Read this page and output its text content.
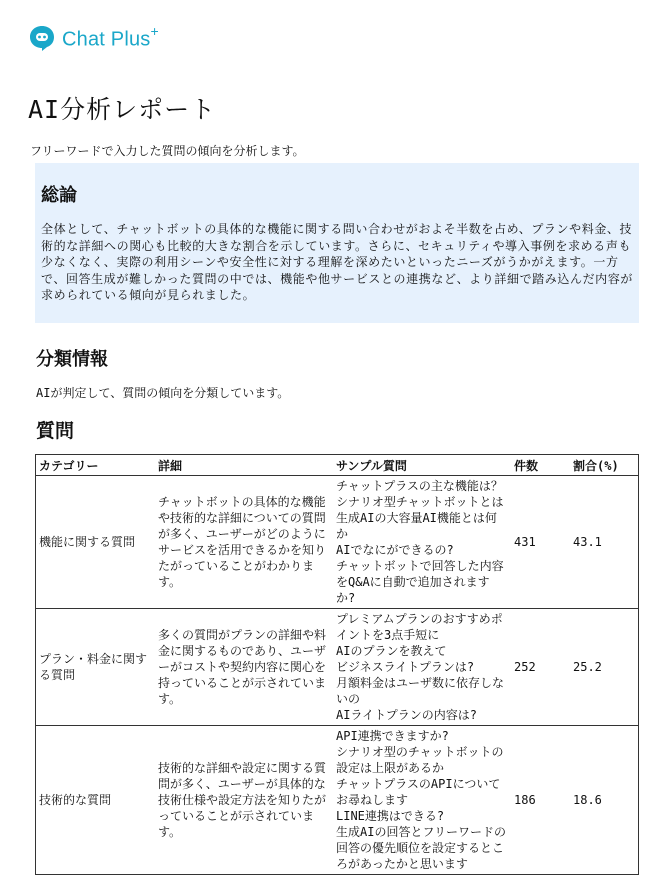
Chat Plus+
AI分析レポート
フリーワードで入力した質問の傾向を分析します。
総論

全体として、チャットボットの具体的な機能に関する問い合わせがおよそ半数を占め、プランや料金、技術的な詳細への関心も比較的大きな割合を示しています。さらに、セキュリティや導入事例を求める声も少なくなく、実際の利用シーンや安全性に対する理解を深めたいといったニーズがうかがえます。一方で、回答生成が難しかった質問の中では、機能や他サービスとの連携など、より詳細で踏み込んだ内容が求められている傾向が見られました。

分類情報
AIが判定して、質問の傾向を分類しています。
質問
カテゴリー	詳細	サンプル質問	件数	割合(%)
機能に関する質問	チャットボットの具体的な機能や技術的な詳細についての質問が多く、ユーザーがどのようにサービスを活用できるかを知りたがっていることがわかります。	チャットプラスの主な機能は？
シナリオ型チャットボットとは
生成AIの大容量AI機能とは何か
AIでなにができるの?
チャットボットで回答した内容をQ&Aに自動で追加されますか?	431	43.1
プラン・料金に関する質問	多くの質問がプランの詳細や料金に関するものであり、ユーザーがコストや契約内容に関心を持っていることが示されています。	プレミアムプランのおすすめポイントを3点手短に
AIのプランを教えて
ビジネスライトプランは?
月額料金はユーザ数に依存しないの
AIライトプランの内容は?	252	25.2
技術的な質問	技術的な詳細や設定に関する質問が多く、ユーザーが具体的な技術仕様や設定方法を知りたがっていることが示されています。	API連携できますか?
シナリオ型のチャットボットの設定は上限があるか
チャットプラスのAPIについてお尋ねします
LINE連携はできる?
生成AIの回答とフリーワードの回答の優先順位を設定するところがあったかと思います	186	18.6
